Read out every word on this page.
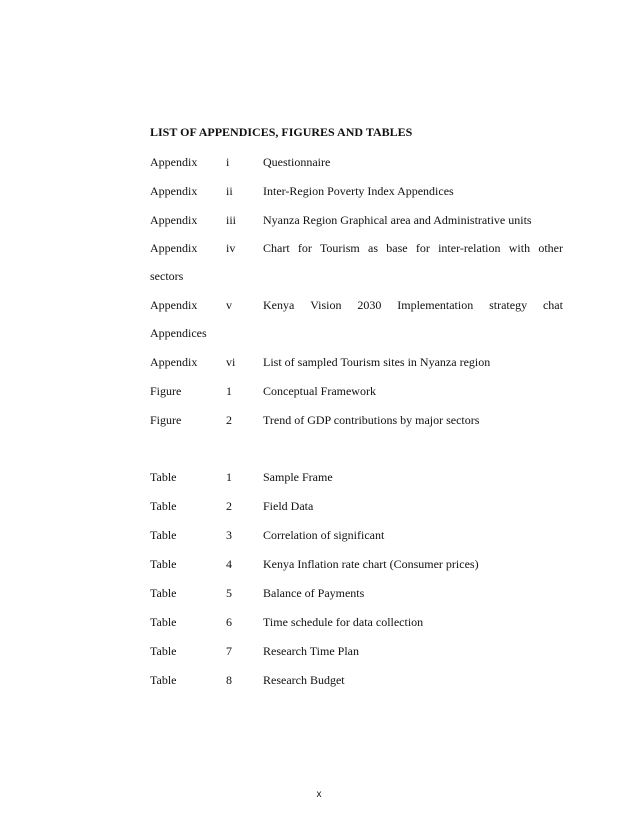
LIST OF APPENDICES, FIGURES AND TABLES
Appendix i	Questionnaire
Appendix ii	Inter-Region Poverty Index Appendices
Appendix iii Nyanza Region Graphical area and Administrative units
Appendix iv Chart for Tourism as base for inter-relation with other
sectors
Appendix v	Kenya Vision 2030 Implementation strategy chat
Appendices
Appendix vi List of sampled Tourism sites in Nyanza region
Figure	1	Conceptual Framework
Figure	2	Trend of GDP contributions by major sectors
Table	1	Sample Frame
Table	2	Field Data
Table	3	Correlation of significant
Table	4	Kenya Inflation rate chart (Consumer prices)
Table	5	Balance of Payments
Table	6	Time schedule for data collection
Table	7	Research Time Plan
Table	8	Research Budget
x
